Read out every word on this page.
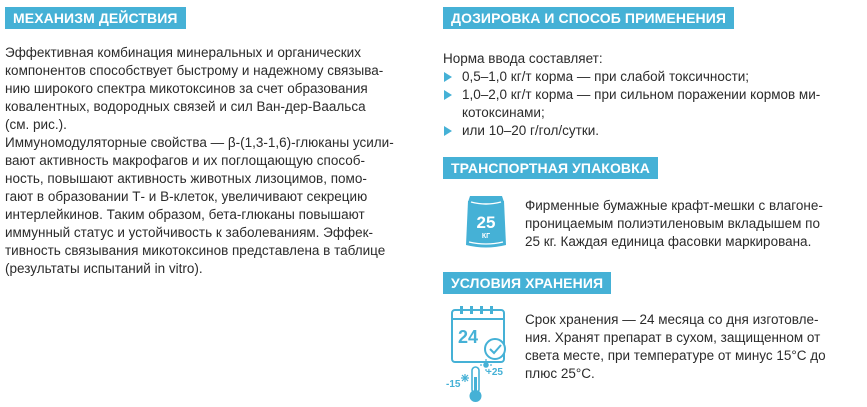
МЕХАНИЗМ ДЕЙСТВИЯ
Эффективная комбинация минеральных и органических
компонентов способствует быстрому и надежному связыва-
нию широкого спектра микотоксинов за счет образования
ковалентных, водородных связей и сил Ван-дер-Ваальса
(см. рис.).
Иммуномодуляторные свойства — β-(1,3-1,6)-глюканы усили-
вают активность макрофагов и их поглощающую способ-
ность, повышают активность животных лизоцимов, помо-
гают в образовании Т- и В-клеток, увеличивают секрецию
интерлейкинов. Таким образом, бета-глюканы повышают
иммунный статус и устойчивость к заболеваниям. Эффек-
тивность связывания микотоксинов представлена в таблице
(результаты испытаний in vitro).
ДОЗИРОВКА И СПОСОБ ПРИМЕНЕНИЯ
Норма ввода составляет:
0,5–1,0 кг/т корма — при слабой токсичности;
1,0–2,0 кг/т корма — при сильном поражении кормов ми-
котоксинами;
или 10–20 г/гол/сутки.
ТРАНСПОРТНАЯ УПАКОВКА
25
КГ
Фирменные бумажные крафт-мешки с влагоне-
проницаемым полиэтиленовым вкладышем по
25 кг. Каждая единица фасовки маркирована.
УСЛОВИЯ ХРАНЕНИЯ
24
-15
+25
Срок хранения — 24 месяца со дня изготовле-
ния. Хранят препарат в сухом, защищенном от
света месте, при температуре от минус 15°С до
плюс 25°С.
